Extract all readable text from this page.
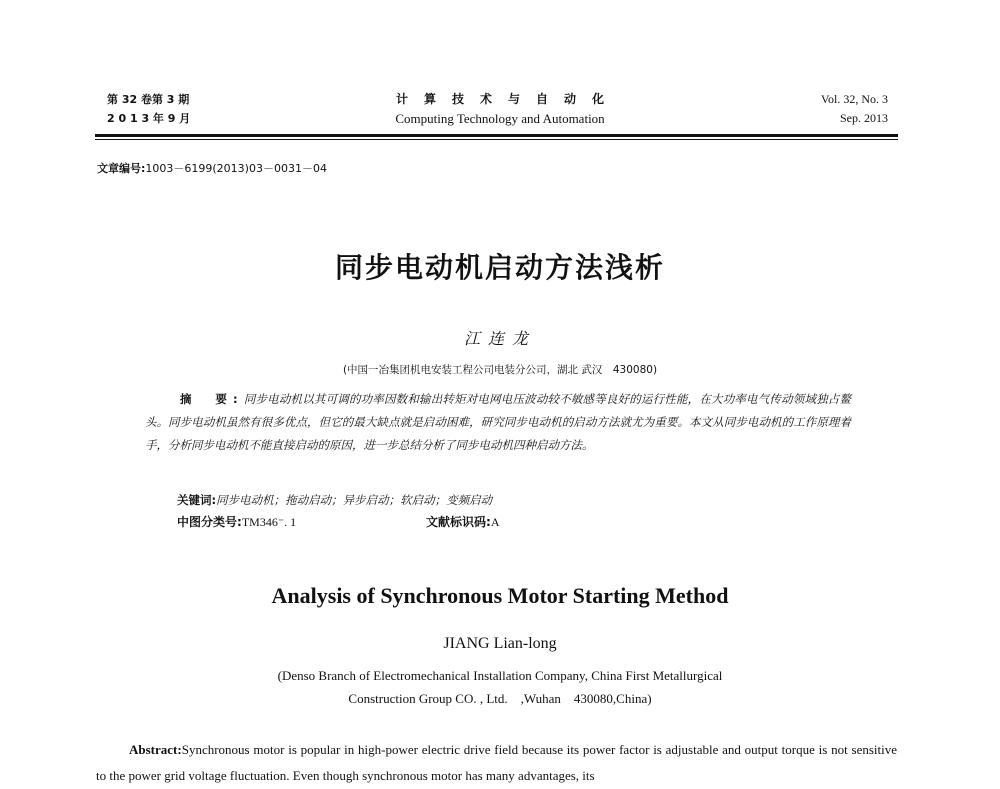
第 32 卷第 3 期
2 0 1 3 年 9 月
计算技术与自动化
Computing Technology and Automation
Vol. 32, No. 3
Sep. 2013
文章编号:1003－6199(2013)03－0031－04
同步电动机启动方法浅析
江连龙
(中国一冶集团机电安装工程公司电装分公司，湖北 武汉　430080)
摘　要:同步电动机以其可调的功率因数和输出转矩对电网电压波动较不敏感等良好的运行性能，在大功率电气传动领域独占鳌头。同步电动机虽然有很多优点，但它的最大缺点就是启动困难，研究同步电动机的启动方法就尤为重要。本文从同步电动机的工作原理着手，分析同步电动机不能直接启动的原因，进一步总结分析了同步电动机四种启动方法。
关键词:同步电动机；拖动启动；异步启动；软启动；变频启动
中图分类号:TM346⁻. 1	文献标识码:A
Analysis of Synchronous Motor Starting Method
JIANG Lian-long
(Denso Branch of Electromechanical Installation Company, China First Metallurgical
Construction Group CO. , Ltd.　,Wuhan　430080,China)
Abstract:Synchronous motor is popular in high-power electric drive field because its power factor is adjustable and output torque is not sensitive to the power grid voltage fluctuation. Even though synchronous motor has many advantages, its
